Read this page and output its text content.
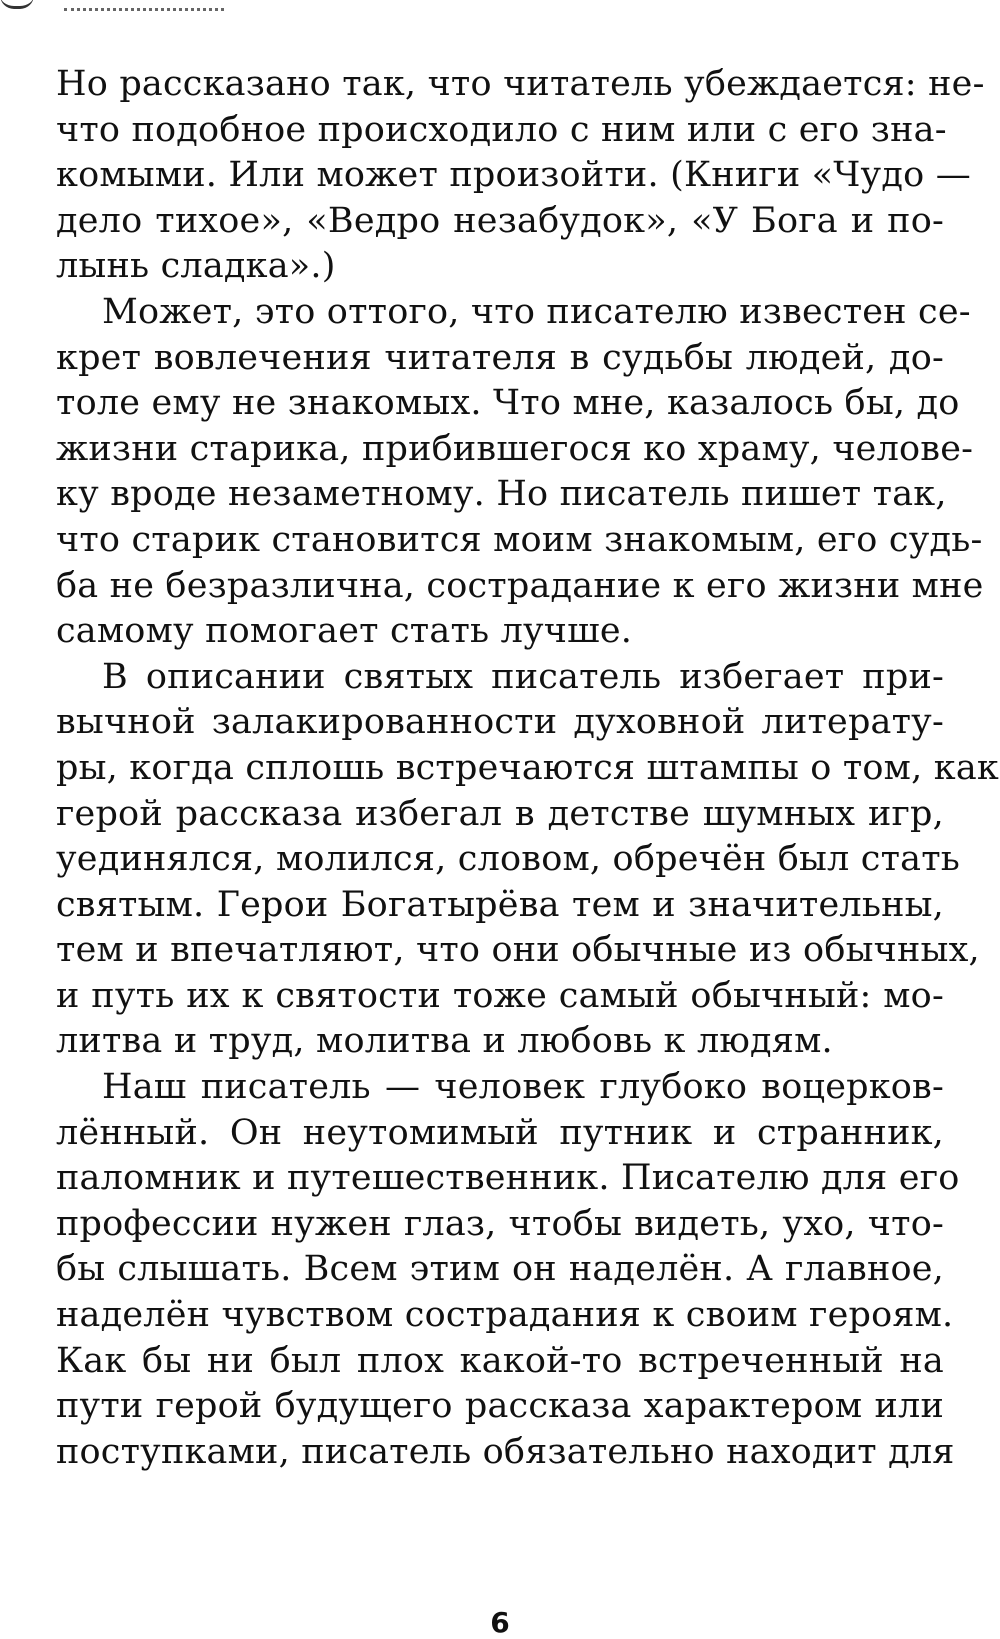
Но рассказано так, что читатель убеждается: не-
что подобное происходило с ним или с его зна-
комыми. Или может произойти. (Книги «Чудо —
дело тихое», «Ведро незабудок», «У Бога и по-
лынь сладка».)
Может, это оттого, что писателю известен се-
крет вовлечения читателя в судьбы людей, до-
толе ему не знакомых. Что мне, казалось бы, до
жизни старика, прибившегося ко храму, челове-
ку вроде незаметному. Но писатель пишет так,
что старик становится моим знакомым, его судь-
ба не безразлична, сострадание к его жизни мне
самому помогает стать лучше.
В описании святых писатель избегает при-
вычной залакированности духовной литерату-
ры, когда сплошь встречаются штампы о том, как
герой рассказа избегал в детстве шумных игр,
уединялся, молился, словом, обречён был стать
святым. Герои Богатырёва тем и значительны,
тем и впечатляют, что они обычные из обычных,
и путь их к святости тоже самый обычный: мо-
литва и труд, молитва и любовь к людям.
Наш писатель — человек глубоко воцерков-
лённый. Он неутомимый путник и странник,
паломник и путешественник. Писателю для его
профессии нужен глаз, чтобы видеть, ухо, что-
бы слышать. Всем этим он наделён. А главное,
наделён чувством сострадания к своим героям.
Как бы ни был плох какой-то встреченный на
пути герой будущего рассказа характером или
поступками, писатель обязательно находит для
6
